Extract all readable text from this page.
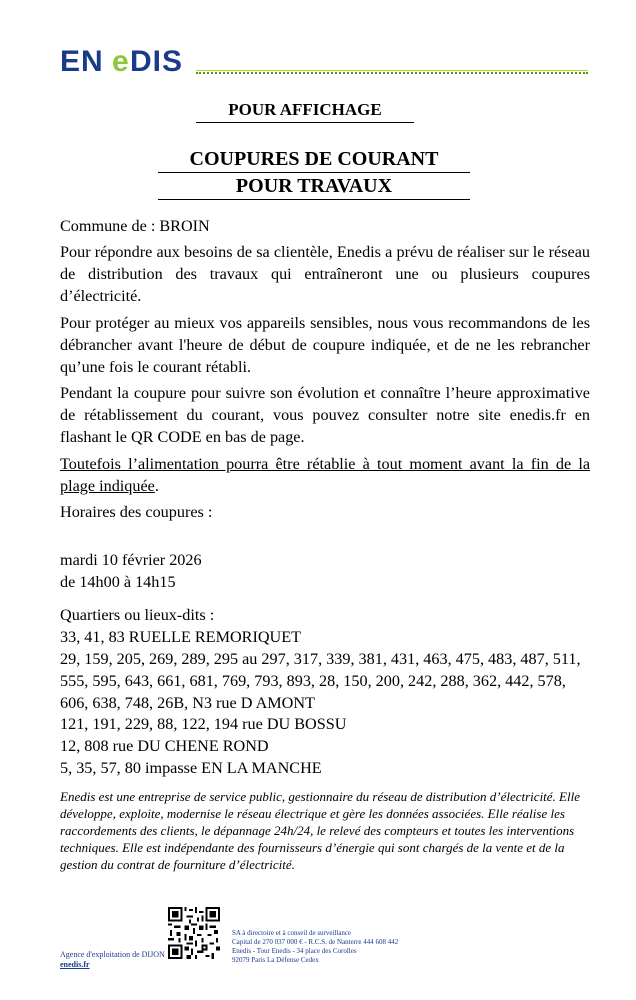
EN e DIS
POUR AFFICHAGE
COUPURES DE COURANT
POUR TRAVAUX
Commune de : BROIN
Pour répondre aux besoins de sa clientèle, Enedis a prévu de réaliser sur le réseau de distribution des travaux qui entraîneront une ou plusieurs coupures d’électricité.
Pour protéger au mieux vos appareils sensibles, nous vous recommandons de les débrancher avant l'heure de début de coupure indiquée, et de ne les rebrancher qu’une fois le courant rétabli.
Pendant la coupure pour suivre son évolution et connaître l’heure approximative de rétablissement du courant, vous pouvez consulter notre site enedis.fr en flashant le QR CODE en bas de page.
Toutefois l’alimentation pourra être rétablie à tout moment avant la fin de la plage indiquée.
Horaires des coupures :
mardi 10 février 2026
de 14h00 à 14h15
Quartiers ou lieux-dits :
33, 41, 83 RUELLE REMORIQUET
29, 159, 205, 269, 289, 295 au 297, 317, 339, 381, 431, 463, 475, 483, 487, 511, 555, 595, 643, 661, 681, 769, 793, 893, 28, 150, 200, 242, 288, 362, 442, 578, 606, 638, 748, 26B, N3 rue D AMONT
121, 191, 229, 88, 122, 194 rue DU BOSSU
12, 808 rue DU CHENE ROND
5, 35, 57, 80 impasse EN LA MANCHE
Enedis est une entreprise de service public, gestionnaire du réseau de distribution d’électricité. Elle développe, exploite, modernise le réseau électrique et gère les données associées. Elle réalise les raccordements des clients, le dépannage 24h/24, le relevé des compteurs et toutes les interventions techniques. Elle est indépendante des fournisseurs d’énergie qui sont chargés de la vente et de la gestion du contrat de fourniture d’électricité.
Agence d'exploitation de DIJON
enedis.fr
SA à directoire et à conseil de surveillance
Capital de 270 037 000 € - R.C.S. de Nanterre 444 608 442
Enedis - Tour Enedis - 34 place des Corolles
92079 Paris La Défense Cedex
